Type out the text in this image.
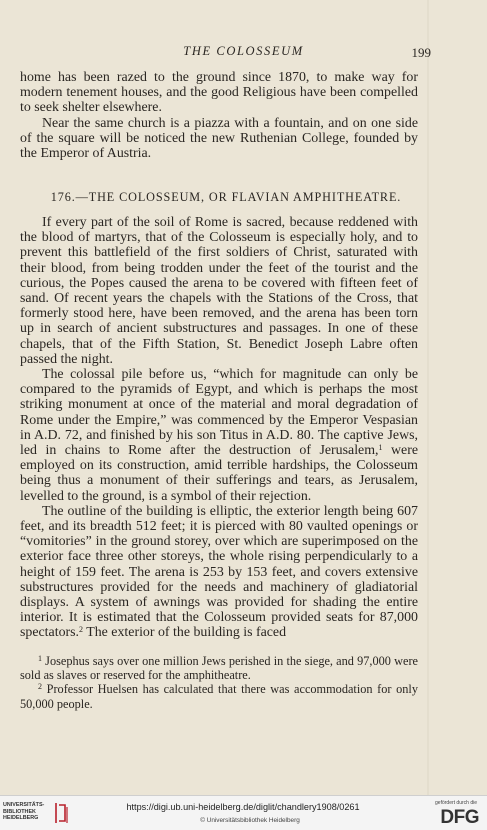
THE COLOSSEUM	199

home has been razed to the ground since 1870, to make way for modern tenement houses, and the good Religious have been compelled to seek shelter elsewhere.

Near the same church is a piazza with a fountain, and on one side of the square will be noticed the new Ruthenian College, founded by the Emperor of Austria.

176.—THE COLOSSEUM, OR FLAVIAN AMPHITHEATRE.

If every part of the soil of Rome is sacred, because reddened with the blood of martyrs, that of the Colosseum is especially holy, and to prevent this battlefield of the first soldiers of Christ, saturated with their blood, from being trodden under the feet of the tourist and the curious, the Popes caused the arena to be covered with fifteen feet of sand. Of recent years the chapels with the Stations of the Cross, that formerly stood here, have been removed, and the arena has been torn up in search of ancient substructures and passages. In one of these chapels, that of the Fifth Station, St. Benedict Joseph Labre often passed the night.

The colossal pile before us, “which for magnitude can only be compared to the pyramids of Egypt, and which is perhaps the most striking monument at once of the material and moral degradation of Rome under the Empire,” was commenced by the Emperor Vespasian in A.D. 72, and finished by his son Titus in A.D. 80. The captive Jews, led in chains to Rome after the destruction of Jerusalem,$^1$ were employed on its construction, amid terrible hardships, the Colosseum being thus a monument of their sufferings and tears, as Jerusalem, levelled to the ground, is a symbol of their rejection.

The outline of the building is elliptic, the exterior length being 607 feet, and its breadth 512 feet; it is pierced with 80 vaulted openings or “vomitories” in the ground storey, over which are superimposed on the exterior face three other storeys, the whole rising perpendicularly to a height of 159 feet. The arena is 253 by 153 feet, and covers extensive substructures provided for the needs and machinery of gladiatorial displays. A system of awnings was provided for shading the entire interior. It is estimated that the Colosseum provided seats for 87,000 spectators.$^2$ The exterior of the building is faced

$^1$ Josephus says over one million Jews perished in the siege, and 97,000 were sold as slaves or reserved for the amphitheatre.

$^2$ Professor Huelsen has calculated that there was accommodation for only 50,000 people.

UNIVERSITÄTS-
BIBLIOTHEK
HEIDELBERG
https://digi.ub.uni-heidelberg.de/diglit/chandlery1908/0261
© Universitätsbibliothek Heidelberg
gefördert durch die
DFG
